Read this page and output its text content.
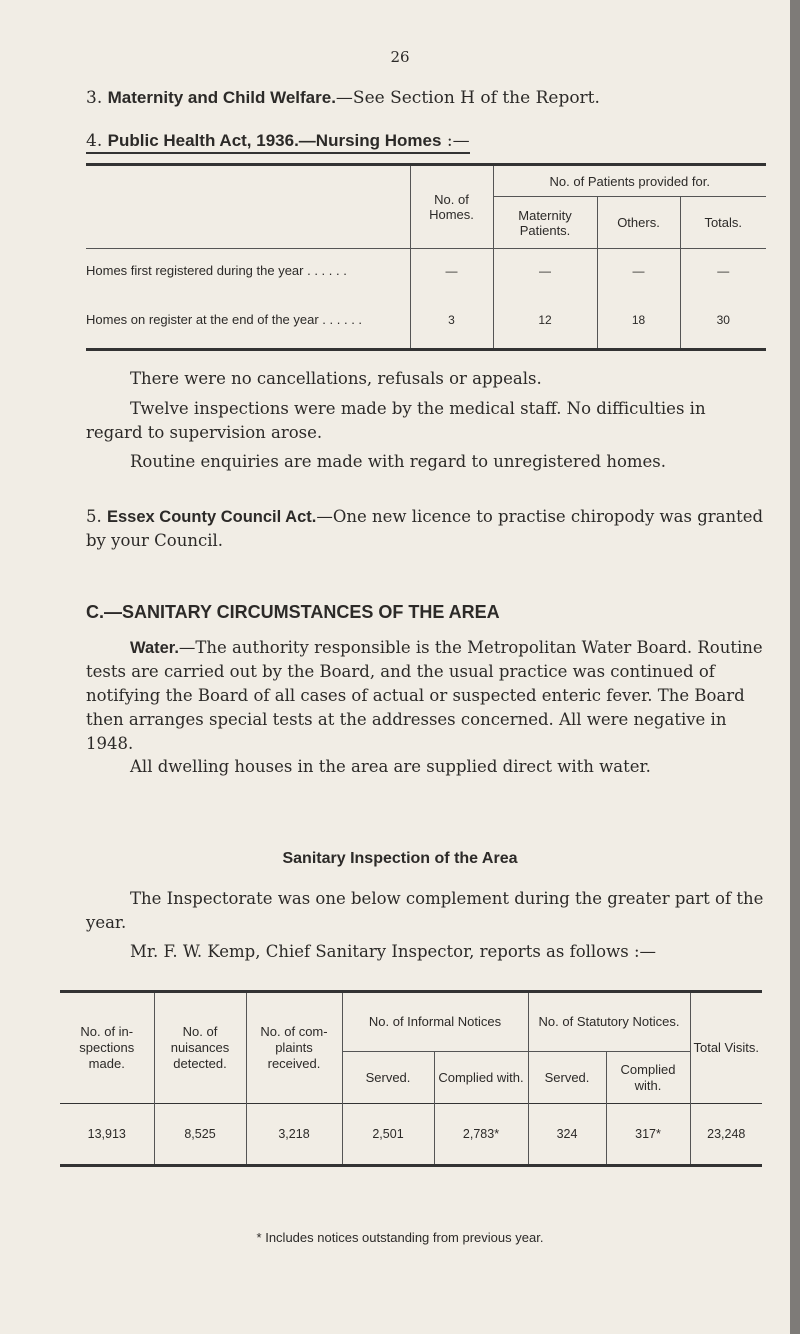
26
3. Maternity and Child Welfare.—See Section H of the Report.
4. Public Health Act, 1936.—Nursing Homes :—
	No. of Homes.	No. of Patients provided for.		
		Maternity Patients.	Others.	Totals.
Homes first registered during the year . . . . . .	—	—	—	—
Homes on register at the end of the year . . . . . .	3	12	18	30
There were no cancellations, refusals or appeals.
Twelve inspections were made by the medical staff. No difficulties in regard to supervision arose.
Routine enquiries are made with regard to unregistered homes.
5. Essex County Council Act.—One new licence to practise chiropody was granted by your Council.
C.—SANITARY CIRCUMSTANCES OF THE AREA
Water.—The authority responsible is the Metropolitan Water Board. Routine tests are carried out by the Board, and the usual practice was continued of notifying the Board of all cases of actual or suspected enteric fever. The Board then arranges special tests at the addresses concerned. All were negative in 1948.
All dwelling houses in the area are supplied direct with water.
Sanitary Inspection of the Area
The Inspectorate was one below complement during the greater part of the year.
Mr. F. W. Kemp, Chief Sanitary Inspector, reports as follows :—
No. of in- spections made.	No. of nuisances detected.	No. of com- plaints received.	No. of Informal Notices		No. of Statutory Notices.		Total Visits.
			Served.	Complied with.	Served.	Complied with.	
13,913	8,525	3,218	2,501	2,783*	324	317*	23,248
* Includes notices outstanding from previous year.
